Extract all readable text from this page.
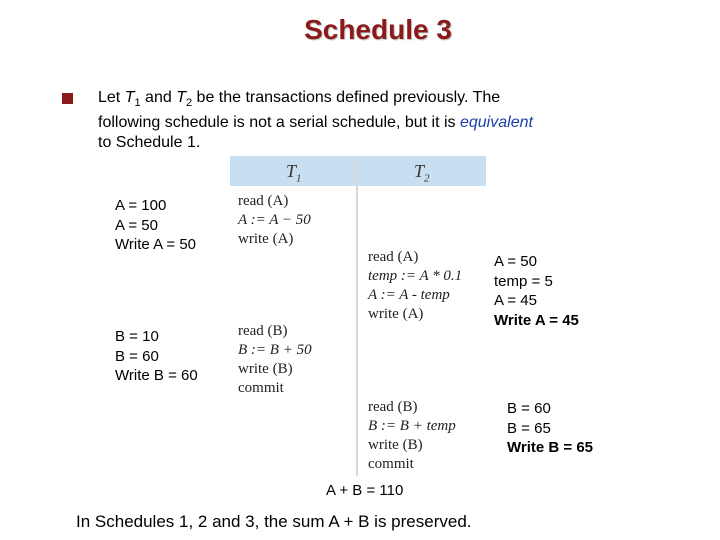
Schedule 3
Let $T_1$ and $T_2$ be the transactions defined previously. The
following schedule is not a serial schedule, but it is equivalent
to Schedule 1.
$T_1$	$T_2$
read (A)
A := A − 50
write (A)
read (A)
temp := A * 0.1
A := A - temp
write (A)
read (B)
B := B + 50
write (B)
commit
read (B)
B := B + temp
write (B)
commit
A = 100
A = 50
Write A = 50
A = 50
temp = 5
A = 45
Write A = 45
B = 10
B = 60
Write B = 60
B = 60
B = 65
Write B = 65
A + B = 110
In Schedules 1, 2 and 3, the sum A + B is preserved.
